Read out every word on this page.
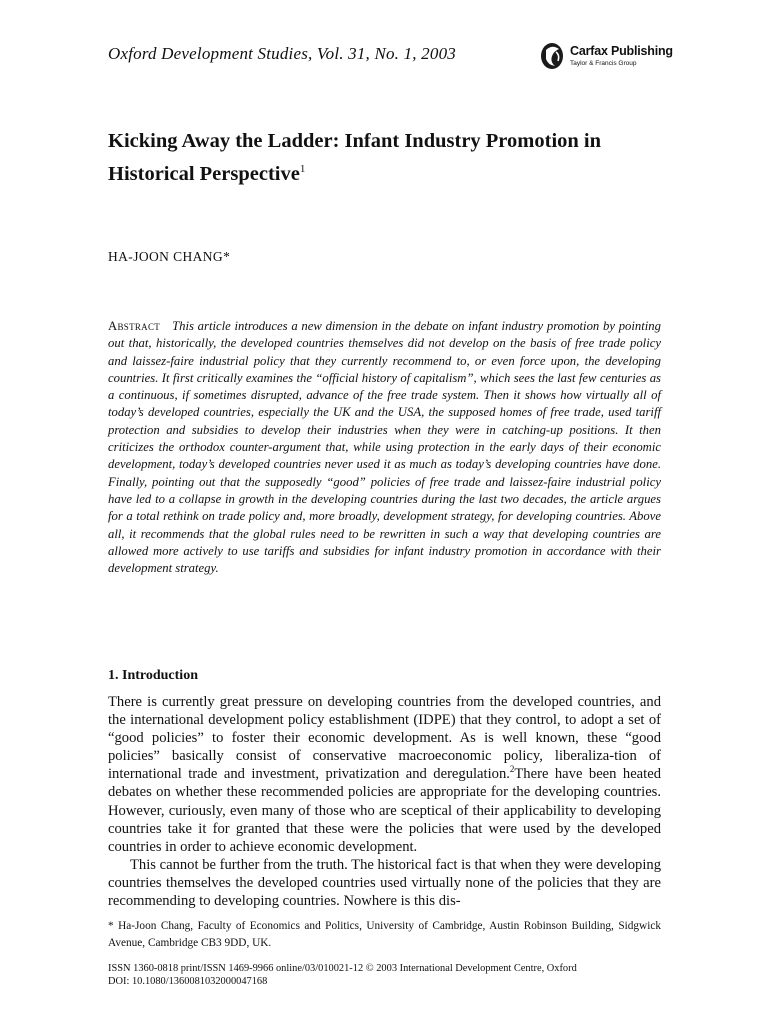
Oxford Development Studies, Vol. 31, No. 1, 2003	Carfax Publishing
Taylor & Francis Group
Kicking Away the Ladder: Infant Industry Promotion in Historical Perspective$^1$
HA-JOON CHANG*

Abstract This article introduces a new dimension in the debate on infant industry promotion by pointing out that, historically, the developed countries themselves did not develop on the basis of free trade policy and laissez-faire industrial policy that they currently recommend to, or even force upon, the developing countries. It first critically examines the “official history of capitalism”, which sees the last few centuries as a continuous, if sometimes disrupted, advance of the free trade system. Then it shows how virtually all of today’s developed countries, especially the UK and the USA, the supposed homes of free trade, used tariff protection and subsidies to develop their industries when they were in catching-up positions. It then criticizes the orthodox counter-argument that, while using protection in the early days of their economic development, today’s developed countries never used it as much as today’s developing countries have done. Finally, pointing out that the supposedly “good” policies of free trade and laissez-faire industrial policy have led to a collapse in growth in the developing countries during the last two decades, the article argues for a total rethink on trade policy and, more broadly, development strategy, for developing countries. Above all, it recommends that the global rules need to be rewritten in such a way that developing countries are allowed more actively to use tariffs and subsidies for infant industry promotion in accordance with their development strategy.

1. Introduction

There is currently great pressure on developing countries from the developed countries, and the international development policy establishment (IDPE) that they control, to adopt a set of “good policies” to foster their economic development. As is well known, these “good policies” basically consist of conservative macroeconomic policy, liberaliza-tion of international trade and investment, privatization and deregulation.$^2$There have been heated debates on whether these recommended policies are appropriate for the developing countries. However, curiously, even many of those who are sceptical of their applicability to developing countries take it for granted that these were the policies that were used by the developed countries in order to achieve economic development.

This cannot be further from the truth. The historical fact is that when they were developing countries themselves the developed countries used virtually none of the policies that they are recommending to developing countries. Nowhere is this dis-

* Ha-Joon Chang, Faculty of Economics and Politics, University of Cambridge, Austin Robinson Building, Sidgwick Avenue, Cambridge CB3 9DD, UK.

ISSN 1360-0818 print/ISSN 1469-9966 online/03/010021-12 © 2003 International Development Centre, Oxford
DOI: 10.1080/1360081032000047168
